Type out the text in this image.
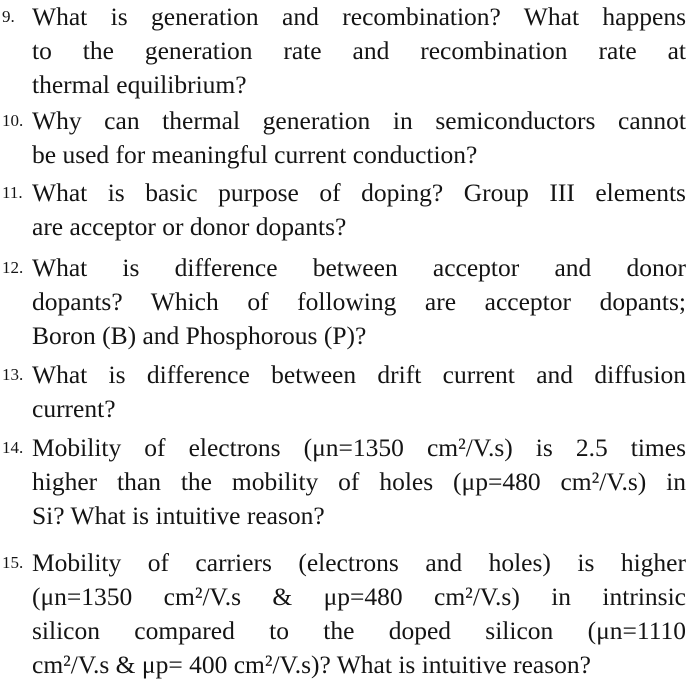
9. What is generation and recombination? What happens
to the generation rate and recombination rate at
thermal equilibrium?
10. Why can thermal generation in semiconductors cannot
be used for meaningful current conduction?
11. What is basic purpose of doping? Group III elements
are acceptor or donor dopants?
12. What is difference between acceptor and donor
dopants? Which of following are acceptor dopants;
Boron (B) and Phosphorous (P)?
13. What is difference between drift current and diffusion
current?
14. Mobility of electrons (μn=1350 cm²/V.s) is 2.5 times
higher than the mobility of holes (μp=480 cm²/V.s) in
Si? What is intuitive reason?
15. Mobility of carriers (electrons and holes) is higher
(μn=1350 cm²/V.s & μp=480 cm²/V.s) in intrinsic
silicon compared to the doped silicon (μn=1110
cm²/V.s & μp= 400 cm²/V.s)? What is intuitive reason?
